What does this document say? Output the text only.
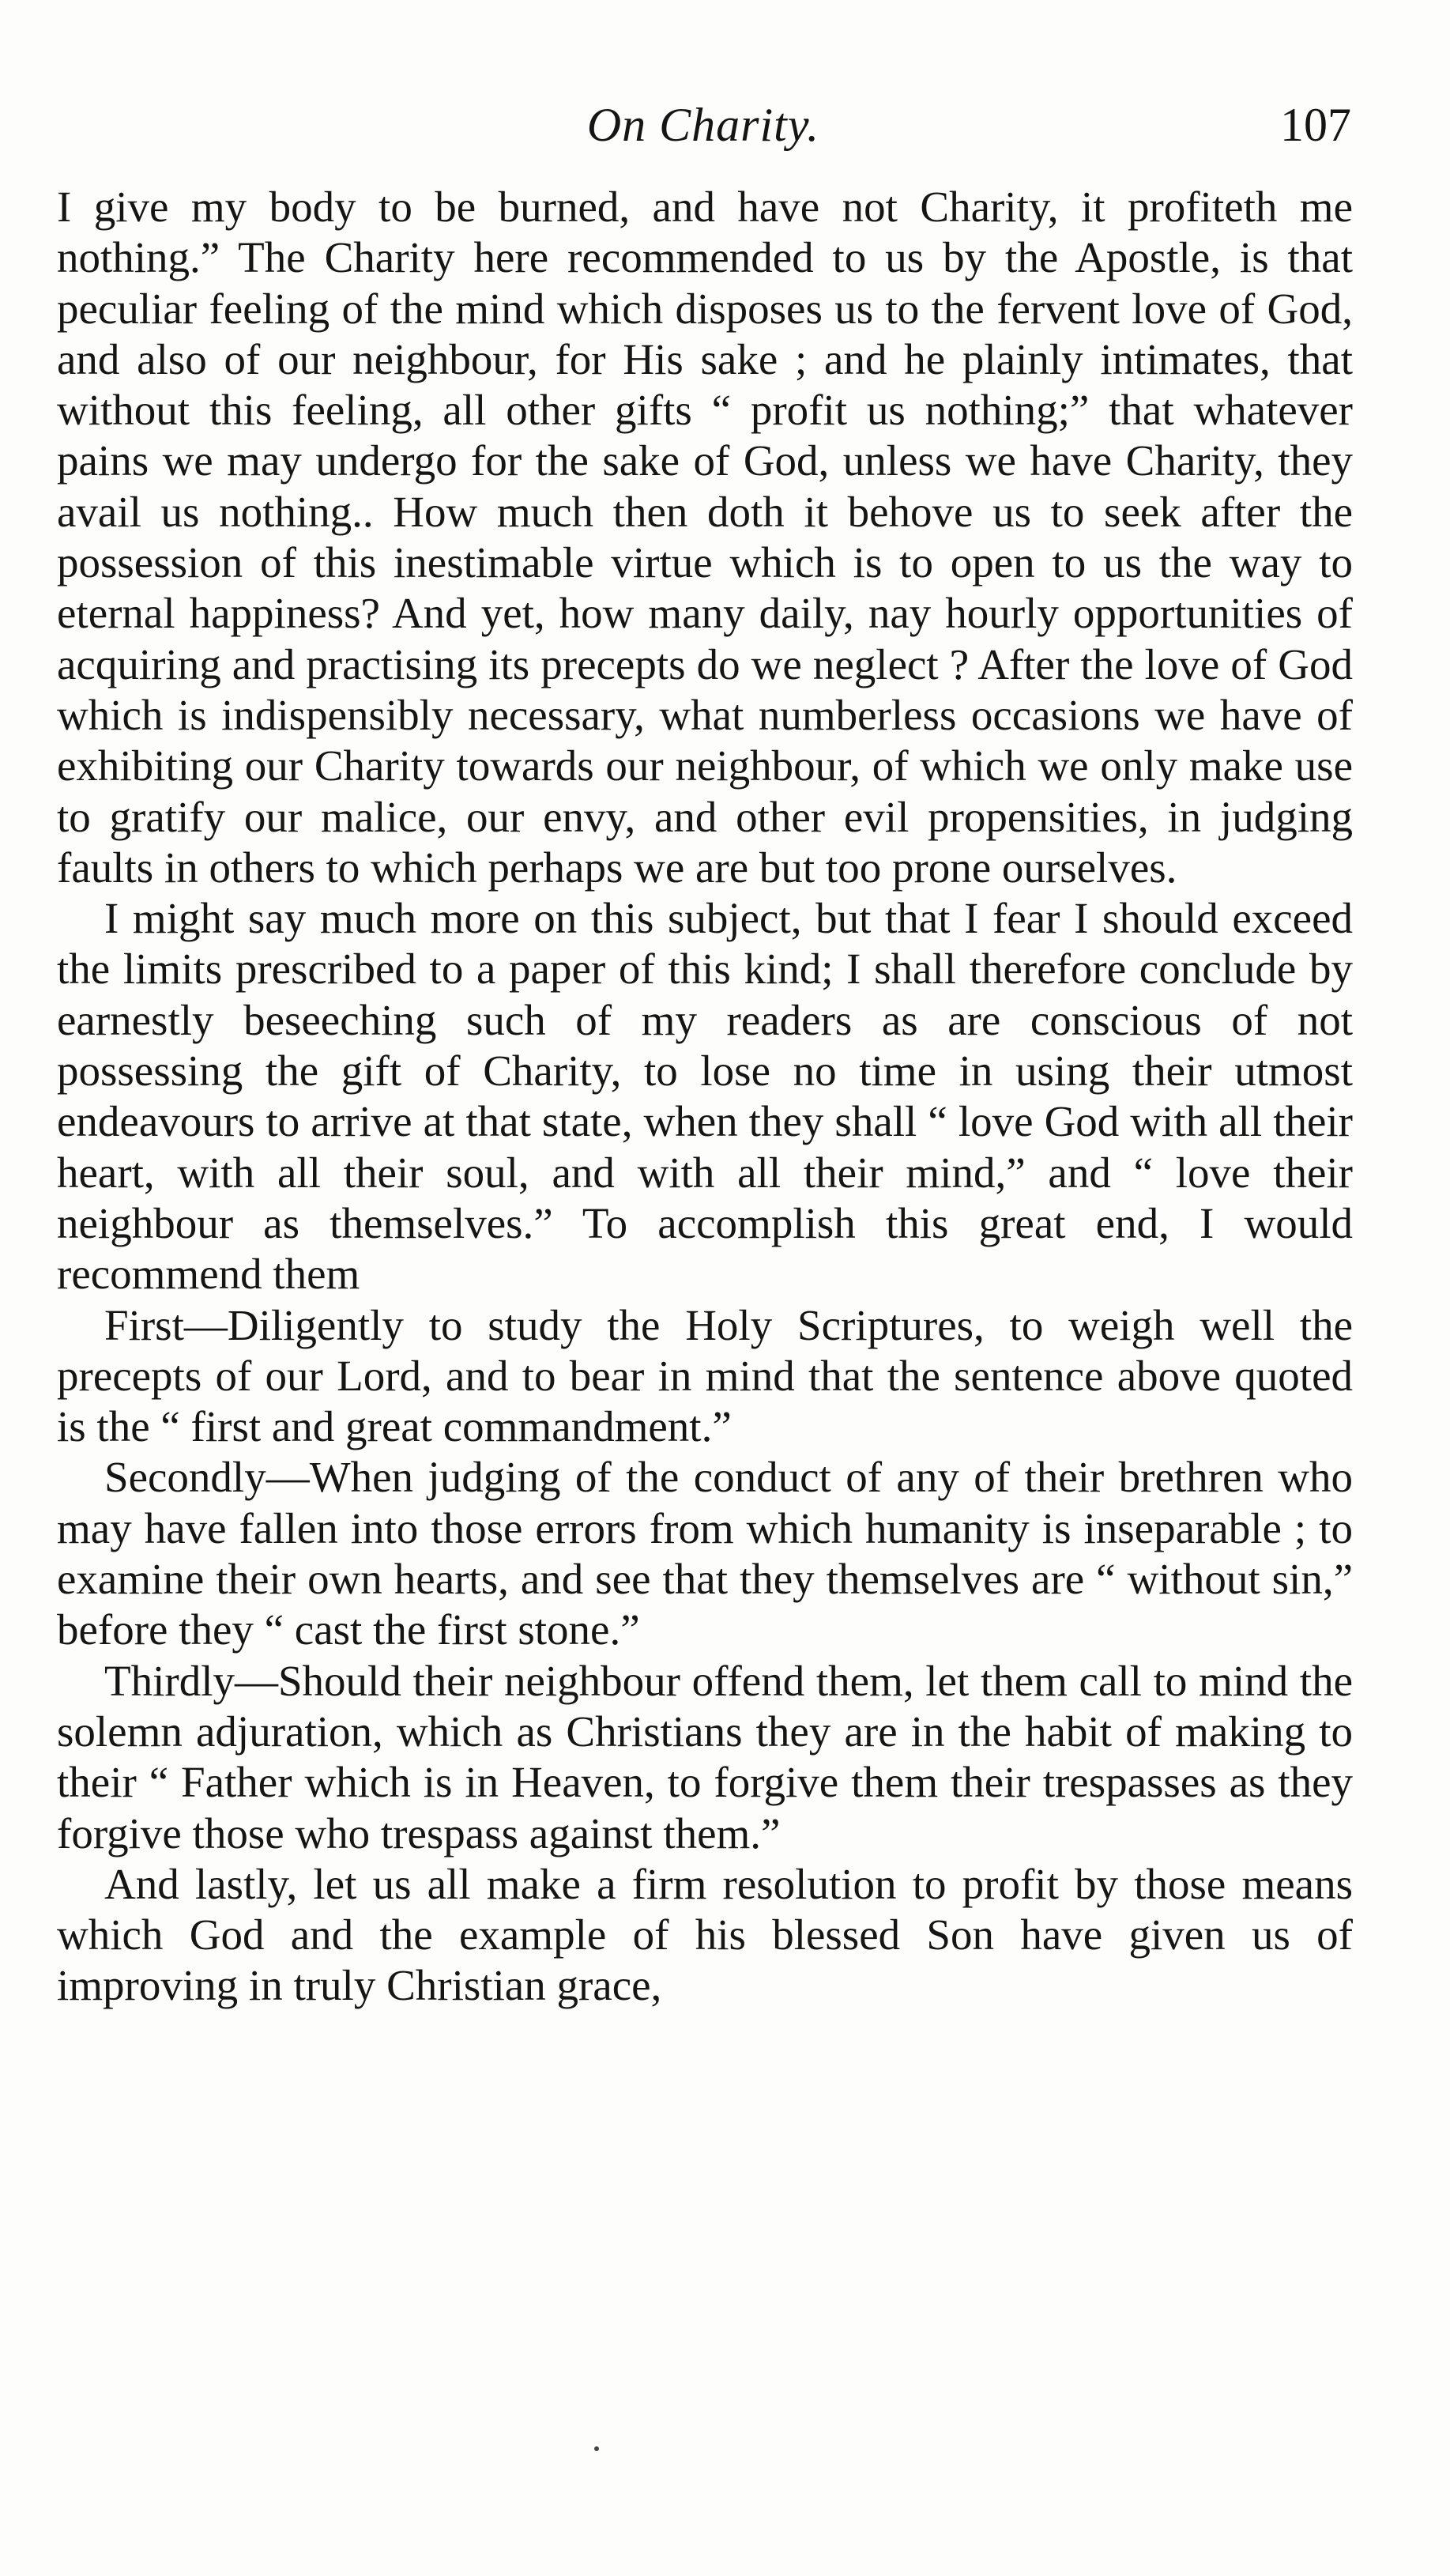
On Charity.	107

I give my body to be burned, and have not Charity, it profiteth me nothing.” The Charity here recommended to us by the Apostle, is that peculiar feeling of the mind which disposes us to the fervent love of God, and also of our neighbour, for His sake ; and he plainly intimates, that without this feeling, all other gifts “ profit us nothing;” that whatever pains we may undergo for the sake of God, unless we have Charity, they avail us nothing.. How much then doth it behove us to seek after the possession of this inestimable virtue which is to open to us the way to eternal happiness? And yet, how many daily, nay hourly opportunities of acquiring and practising its precepts do we neglect ? After the love of God which is indispensibly necessary, what numberless occasions we have of exhibiting our Charity towards our neighbour, of which we only make use to gratify our malice, our envy, and other evil propensities, in judging faults in others to which perhaps we are but too prone ourselves.

I might say much more on this subject, but that I fear I should exceed the limits prescribed to a paper of this kind; I shall therefore conclude by earnestly beseeching such of my readers as are conscious of not possessing the gift of Charity, to lose no time in using their utmost endeavours to arrive at that state, when they shall “ love God with all their heart, with all their soul, and with all their mind,” and “ love their neighbour as themselves.” To accomplish this great end, I would recommend them

First—Diligently to study the Holy Scriptures, to weigh well the precepts of our Lord, and to bear in mind that the sentence above quoted is the “ first and great commandment.”

Secondly—When judging of the conduct of any of their brethren who may have fallen into those errors from which humanity is inseparable ; to examine their own hearts, and see that they themselves are “ without sin,” before they “ cast the first stone.”

Thirdly—Should their neighbour offend them, let them call to mind the solemn adjuration, which as Christians they are in the habit of making to their “ Father which is in Heaven, to forgive them their trespasses as they forgive those who trespass against them.”

And lastly, let us all make a firm resolution to profit by those means which God and the example of his blessed Son have given us of improving in truly Christian grace,
